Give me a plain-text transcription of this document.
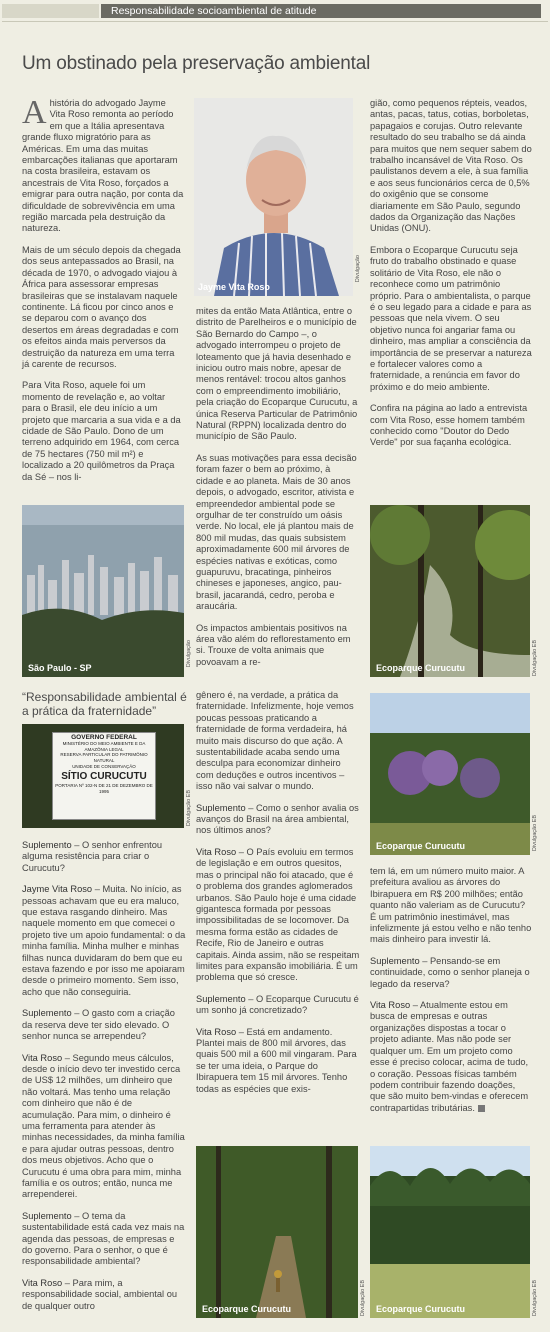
Responsabilidade socioambiental de atitude
Um obstinado pela preservação ambiental

Ahistória do advogado Jayme Vita Roso remonta ao período em que a Itália apresentava grande fluxo migratório para as Américas. Em uma das muitas embarcações italianas que aportaram na costa brasileira, estavam os ancestrais de Vita Roso, forçados a emigrar para outra nação, por conta da dificuldade de sobrevivência em uma região marcada pela destruição da natureza.

Mais de um século depois da chegada dos seus antepassados ao Brasil, na década de 1970, o advogado viajou à África para assessorar empresas brasileiras que se instalavam naquele continente. Lá ficou por cinco anos e se deparou com o avanço dos desertos em áreas degradadas e com os efeitos ainda mais perversos da destruição da natureza em uma terra já carente de recursos.

Para Vita Roso, aquele foi um momento de revelação e, ao voltar para o Brasil, ele deu início a um projeto que marcaria a sua vida e a da cidade de São Paulo. Dono de um terreno adquirido em 1964, com cerca de 75 hectares (750 mil m²) e localizado a 20 quilômetros da Praça da Sé – nos li-

Jayme Vita Roso
Divulgação

mites da então Mata Atlântica, entre o distrito de Parelheiros e o município de São Bernardo do Campo –, o advogado interrompeu o projeto de loteamento que já havia desenhado e iniciou outro mais nobre, apesar de menos rentável: trocou altos ganhos com o empreendimento imobiliário, pela criação do Ecoparque Curucutu, a única Reserva Particular de Patrimônio Natural (RPPN) localizada dentro do município de São Paulo.

As suas motivações para essa decisão foram fazer o bem ao próximo, à cidade e ao planeta. Mais de 30 anos depois, o advogado, escritor, ativista e empreendedor ambiental pode se orgulhar de ter construído um oásis verde. No local, ele já plantou mais de 800 mil mudas, das quais subsistem aproximadamente 600 mil árvores de espécies nativas e exóticas, como guapuruvu, bracatinga, pinheiros chineses e japoneses, angico, pau-brasil, jacarandá, cedro, peroba e araucária.

Os impactos ambientais positivos na área vão além do reflorestamento em si. Trouxe de volta animais que povoavam a re-

gião, como pequenos répteis, veados, antas, pacas, tatus, cotias, borboletas, papagaios e corujas. Outro relevante resultado do seu trabalho se dá ainda para muitos que nem sequer sabem do trabalho incansável de Vita Roso. Os paulistanos devem a ele, à sua família e aos seus funcionários cerca de 0,5% do oxigênio que se consome diariamente em São Paulo, segundo dados da Organização das Nações Unidas (ONU).

Embora o Ecoparque Curucutu seja fruto do trabalho obstinado e quase solitário de Vita Roso, ele não o reconhece como um patrimônio próprio. Para o ambientalista, o parque é o seu legado para a cidade e para as pessoas que nela vivem. O seu objetivo nunca foi angariar fama ou dinheiro, mas ampliar a consciência da importância de se preservar a natureza e fortalecer valores como a fraternidade, a renúncia em favor do próximo e do meio ambiente.

Confira na página ao lado a entrevista com Vita Roso, esse homem também conhecido como "Doutor do Dedo Verde" por sua façanha ecológica.

São Paulo - SP
Divulgação
Ecoparque Curucutu	Divulgação EB
“Responsabilidade ambiental é a prática da fraternidade”
GOVERNO FEDERAL
MINISTÉRIO DO MEIO AMBIENTE E DA AMAZÔNIA LEGAL
RESERVA PARTICULAR DO PATRIMÔNIO NATURAL
UNIDADE DE CONSERVAÇÃO
SÍTIO CURUCUTU
PORTARIA Nº 102-N DE 21 DE DEZEMBRO DE 1995	Divulgação EB
Ecoparque Curucutu	Divulgação EB

Suplemento – O senhor enfrentou alguma resistência para criar o Curucutu?

Jayme Vita Roso – Muita. No início, as pessoas achavam que eu era maluco, que estava rasgando dinheiro. Mas naquele momento em que comecei o projeto tive um apoio fundamental: o da minha família. Minha mulher e minhas filhas nunca duvidaram do bem que eu estava fazendo e por isso me apoiaram desde o primeiro momento. Sem isso, acho que não conseguiria.

Suplemento – O gasto com a criação da reserva deve ter sido elevado. O senhor nunca se arrependeu?

Vita Roso – Segundo meus cálculos, desde o início devo ter investido cerca de US$ 12 milhões, um dinheiro que não voltará. Mas tenho uma relação com dinheiro que não é de acumulação. Para mim, o dinheiro é uma ferramenta para atender às minhas necessidades, da minha família e para ajudar outras pessoas, dentro dos meus objetivos. Acho que o Curucutu é uma obra para mim, minha família e os outros; então, nunca me arrependerei.

Suplemento – O tema da sustentabilidade está cada vez mais na agenda das pessoas, de empresas e do governo. Para o senhor, o que é responsabilidade ambiental?

Vita Roso – Para mim, a responsabilidade social, ambiental ou de qualquer outro

gênero é, na verdade, a prática da fraternidade. Infelizmente, hoje vemos poucas pessoas praticando a fraternidade de forma verdadeira, há muito mais discurso do que ação. A sustentabilidade acaba sendo uma desculpa para economizar dinheiro com deduções e outros incentivos – isso não vai salvar o mundo.

Suplemento – Como o senhor avalia os avanços do Brasil na área ambiental, nos últimos anos?

Vita Roso – O País evoluiu em termos de legislação e em outros quesitos, mas o principal não foi atacado, que é o problema dos grandes aglomerados urbanos. São Paulo hoje é uma cidade gigantesca formada por pessoas impossibilitadas de se locomover. Da mesma forma estão as cidades de Recife, Rio de Janeiro e outras capitais. Ainda assim, não se respeitam limites para expansão imobiliária. É um problema que só cresce.

Suplemento – O Ecoparque Curucutu é um sonho já concretizado?

Vita Roso – Está em andamento. Plantei mais de 800 mil árvores, das quais 500 mil a 600 mil vingaram. Para se ter uma ideia, o Parque do Ibirapuera tem 15 mil árvores. Tenho todas as espécies que exis-

tem lá, em um número muito maior. A prefeitura avaliou as árvores do Ibirapuera em R$ 200 milhões; então quanto não valeriam as de Curucutu? É um patrimônio inestimável, mas infelizmente já estou velho e não tenho mais dinheiro para investir lá.

Suplemento – Pensando-se em continuidade, como o senhor planeja o legado da reserva?

Vita Roso – Atualmente estou em busca de empresas e outras organizações dispostas a tocar o projeto adiante. Mas não pode ser qualquer um. Em um projeto como esse é preciso colocar, acima de tudo, o coração. Pessoas físicas também podem contribuir fazendo doações, que são muito bem-vindas e oferecem contrapartidas tributárias.

Ecoparque Curucutu	Divulgação EB Ecoparque Curucutu	Divulgação EB
